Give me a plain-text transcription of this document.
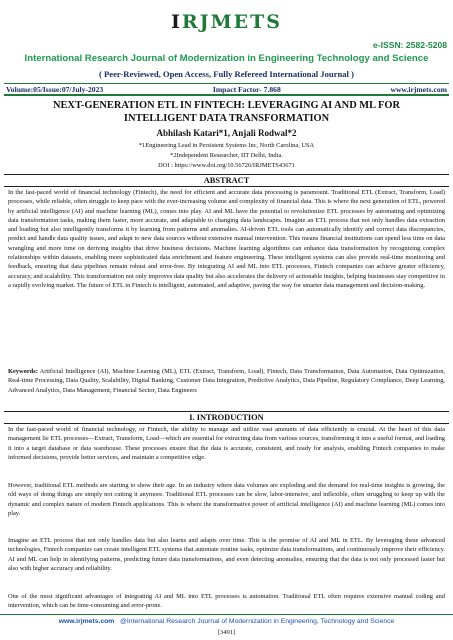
IRJMETS
e-ISSN: 2582-5208
International Research Journal of Modernization in Engineering Technology and Science
( Peer-Reviewed, Open Access, Fully Refereed International Journal )
Volume:05/Issue:07/July-2023	Impact Factor- 7.868	www.irjmets.com
NEXT-GENERATION ETL IN FINTECH: LEVERAGING AI AND ML FOR INTELLIGENT DATA TRANSFORMATION
Abhilash Katari*1, Anjali Rodwal*2
*1Engineering Lead in Persistent Systems Inc, North Carolina, USA
*2Independent Researcher, IIT Delhi, India.
DOI : https://www.doi.org/10.56726/IRJMETS43671
ABSTRACT
In the fast-paced world of financial technology (Fintech), the need for efficient and accurate data processing is paramount. Traditional ETL (Extract, Transform, Load) processes, while reliable, often struggle to keep pace with the ever-increasing volume and complexity of financial data. This is where the next generation of ETL, powered by artificial intelligence (AI) and machine learning (ML), comes into play. AI and ML have the potential to revolutionize ETL processes by automating and optimizing data transformation tasks, making them faster, more accurate, and adaptable to changing data landscapes. Imagine an ETL process that not only handles data extraction and loading but also intelligently transforms it by learning from patterns and anomalies. AI-driven ETL tools can automatically identify and correct data discrepancies, predict and handle data quality issues, and adapt to new data sources without extensive manual intervention. This means financial institutions can spend less time on data wrangling and more time on deriving insights that drive business decisions. Machine learning algorithms can enhance data transformation by recognizing complex relationships within datasets, enabling more sophisticated data enrichment and feature engineering. These intelligent systems can also provide real-time monitoring and feedback, ensuring that data pipelines remain robust and error-free. By integrating AI and ML into ETL processes, Fintech companies can achieve greater efficiency, accuracy, and scalability. This transformation not only improves data quality but also accelerates the delivery of actionable insights, helping businesses stay competitive in a rapidly evolving market. The future of ETL in Fintech is intelligent, automated, and adaptive, paving the way for smarter data management and decision-making.
Keywords: Artificial Intelligence (AI), Machine Learning (ML), ETL (Extract, Transform, Load), Fintech, Data Transformation, Data Automation, Data Optimization, Real-time Processing, Data Quality, Scalability, Digital Banking, Customer Data Integration, Predictive Analytics, Data Pipeline, Regulatory Compliance, Deep Learning, Advanced Analytics, Data Management, Financial Sector, Data Engineers
I. INTRODUCTION
In the fast-paced world of financial technology, or Fintech, the ability to manage and utilize vast amounts of data efficiently is crucial. At the heart of this data management lie ETL processes—Extract, Transform, Load—which are essential for extracting data from various sources, transforming it into a useful format, and loading it into a target database or data warehouse. These processes ensure that the data is accurate, consistent, and ready for analysis, enabling Fintech companies to make informed decisions, provide better services, and maintain a competitive edge.
However, traditional ETL methods are starting to show their age. In an industry where data volumes are exploding and the demand for real-time insights is growing, the old ways of doing things are simply not cutting it anymore. Traditional ETL processes can be slow, labor-intensive, and inflexible, often struggling to keep up with the dynamic and complex nature of modern Fintech applications. This is where the transformative power of artificial intelligence (AI) and machine learning (ML) comes into play.
Imagine an ETL process that not only handles data but also learns and adapts over time. This is the promise of AI and ML in ETL. By leveraging these advanced technologies, Fintech companies can create intelligent ETL systems that automate routine tasks, optimize data transformations, and continuously improve their efficiency. AI and ML can help in identifying patterns, predicting future data transformations, and even detecting anomalies, ensuring that the data is not only processed faster but also with higher accuracy and reliability.
One of the most significant advantages of integrating AI and ML into ETL processes is automation. Traditional ETL often requires extensive manual coding and intervention, which can be time-consuming and error-prone.
www.irjmets.com @International Research Journal of Modernization in Engineering, Technology and Science
[3491]
